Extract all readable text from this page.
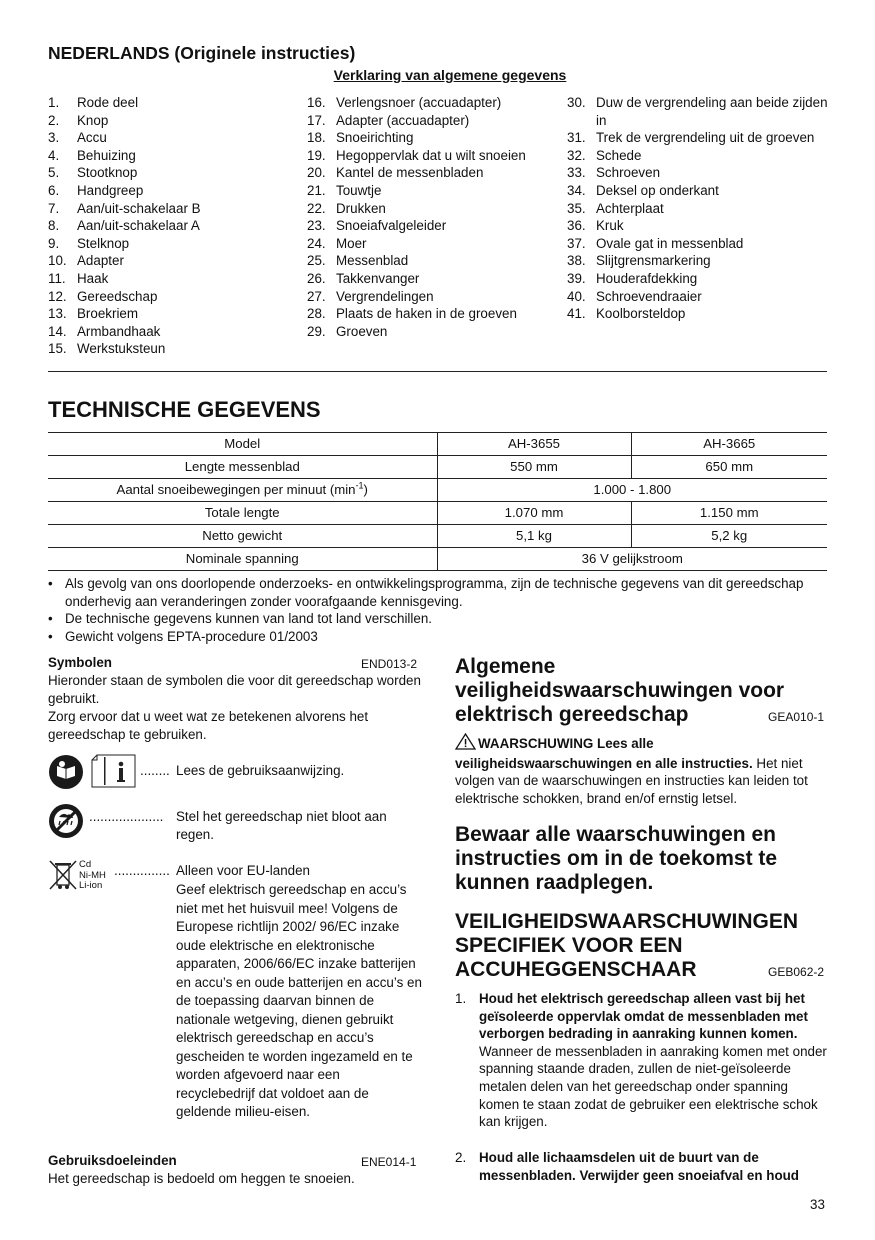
NEDERLANDS (Originele instructies)
Verklaring van algemene gegevens
1.	Rode deel
2.	Knop
3.	Accu
4.	Behuizing
5.	Stootknop
6.	Handgreep
7.	Aan/uit-schakelaar B
8.	Aan/uit-schakelaar A
9.	Stelknop
10. Adapter
11. Haak
12. Gereedschap
13. Broekriem
14. Armbandhaak
15. Werkstuksteun
16. Verlengsnoer (accuadapter)
17. Adapter (accuadapter)
18. Snoeirichting
19. Hegoppervlak dat u wilt snoeien
20. Kantel de messenbladen
21. Touwtje
22. Drukken
23. Snoeiafvalgeleider
24. Moer
25. Messenblad
26. Takkenvanger
27. Vergrendelingen
28. Plaats de haken in de groeven
29. Groeven
30. Duw de vergrendeling aan beide zijden in
31. Trek de vergrendeling uit de groeven
32. Schede
33. Schroeven
34. Deksel op onderkant
35. Achterplaat
36. Kruk
37. Ovale gat in messenblad
38. Slijtgrensmarkering
39. Houderafdekking
40. Schroevendraaier
41. Koolborsteldop
TECHNISCHE GEGEVENS
Model	AH-3655	AH-3665
Lengte messenblad	550 mm	650 mm
Aantal snoeibewegingen per minuut $(\min^{-1})$	1.000 - 1.800	
Totale lengte	1.070 mm	1.150 mm
Netto gewicht	5,1 kg	5,2 kg
Nominale spanning	36 V gelijkstroom	
• Als gevolg van ons doorlopende onderzoeks- en ontwikkelingsprogramma, zijn de technische gegevens van dit gereedschap onderhevig aan veranderingen zonder voorafgaande kennisgeving.
• De technische gegevens kunnen van land tot land verschillen.
• Gewicht volgens EPTA-procedure 01/2003
Symbolen	END013-2
Hieronder staan de symbolen die voor dit gereedschap worden gebruikt.
Zorg ervoor dat u weet wat ze betekenen alvorens het gereedschap te gebruiken.
........ Lees de gebruiksaanwijzing.
.................... Stel het gereedschap niet bloot aan regen.
Cd
Ni-MH
Li-ion
............... Alleen voor EU-landen
Geef elektrisch gereedschap en accu’s niet met het huisvuil mee! Volgens de Europese richtlijn 2002/ 96/EC inzake oude elektrische en elektronische apparaten, 2006/66/EC inzake batterijen en accu’s en oude batterijen en accu’s en de toepassing daarvan binnen de nationale wetgeving, dienen gebruikt elektrisch gereedschap en accu’s gescheiden te worden ingezameld en te worden afgevoerd naar een recyclebedrijf dat voldoet aan de geldende milieu-eisen.
Gebruiksdoeleinden	ENE014-1
Het gereedschap is bedoeld om heggen te snoeien.
Algemene veiligheidswaarschuwingen voor elektrisch gereedschap	GEA010-1
WAARSCHUWING Lees alle veiligheidswaarschuwingen en alle instructies. Het niet volgen van de waarschuwingen en instructies kan leiden tot elektrische schokken, brand en/of ernstig letsel.
Bewaar alle waarschuwingen en instructies om in de toekomst te kunnen raadplegen.
VEILIGHEIDSWAARSCHUWINGEN SPECIFIEK VOOR EEN ACCUHEGGENSCHAAR	GEB062-2
1. Houd het elektrisch gereedschap alleen vast bij het geïsoleerde oppervlak omdat de messenbladen met verborgen bedrading in aanraking kunnen komen. Wanneer de messenbladen in aanraking komen met onder spanning staande draden, zullen de niet-geïsoleerde metalen delen van het gereedschap onder spanning komen te staan zodat de gebruiker een elektrische schok kan krijgen.
2. Houd alle lichaamsdelen uit de buurt van de messenbladen. Verwijder geen snoeiafval en houd
33
